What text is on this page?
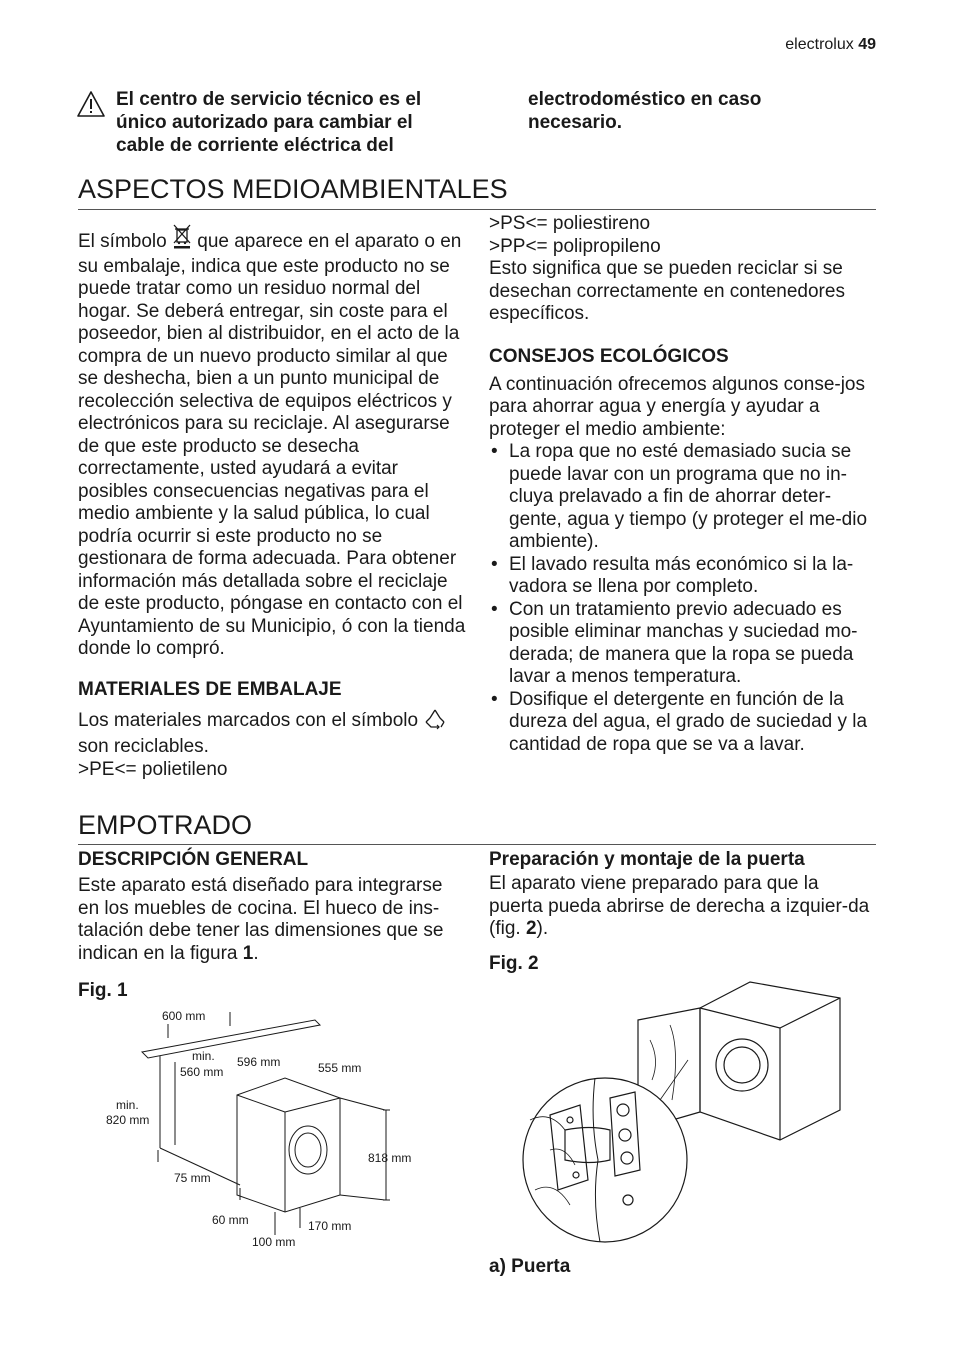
electrolux 49
El centro de servicio técnico es el único autorizado para cambiar el cable de corriente eléctrica del
electrodoméstico en caso necesario.
ASPECTOS MEDIOAMBIENTALES

El símbolo que aparece en el aparato o en su embalaje, indica que este producto no se puede tratar como un residuo normal del hogar. Se deberá entregar, sin coste para el poseedor, bien al distribuidor, en el acto de la compra de un nuevo producto similar al que se deshecha, bien a un punto municipal de recolección selectiva de equipos eléctricos y electrónicos para su reciclaje. Al asegurarse de que este producto se desecha correctamente, usted ayudará a evitar posibles consecuencias negativas para el medio ambiente y la salud pública, lo cual podría ocurrir si este producto no se gestionara de forma adecuada. Para obtener información más detallada sobre el reciclaje de este producto, póngase en contacto con el Ayuntamiento de su Municipio, ó con la tienda donde lo compró.

MATERIALES DE EMBALAJE

Los materiales marcados con el símbolo
son reciclables.

>PE<= polietileno

>PS<= poliestireno

>PP<= polipropileno

Esto significa que se pueden reciclar si se desechan correctamente en contenedores específicos.

CONSEJOS ECOLÓGICOS

A continuación ofrecemos algunos conse-jos para ahorrar agua y energía y ayudar a proteger el medio ambiente:

• La ropa que no esté demasiado sucia se puede lavar con un programa que no in-cluya prelavado a fin de ahorrar deter-gente, agua y tiempo (y proteger el me-dio ambiente).
• El lavado resulta más económico si la la-vadora se llena por completo.
• Con un tratamiento previo adecuado es posible eliminar manchas y suciedad mo-derada; de manera que la ropa se pueda lavar a menos temperatura.
• Dosifique el detergente en función de la dureza del agua, el grado de suciedad y la cantidad de ropa que se va a lavar.
EMPOTRADO

DESCRIPCIÓN GENERAL

Este aparato está diseñado para integrarse en los muebles de cocina. El hueco de ins-talación debe tener las dimensiones que se indican en la figura 1.

Fig. 1

Preparación y montaje de la puerta

El aparato viene preparado para que la puerta pueda abrirse de derecha a izquier-da (fig. 2).

Fig. 2
600 mm
min.
560 mm
596 mm	555 mm
min.
820 mm
818 mm
75 mm
60 mm	170 mm
100 mm
a) Puerta
